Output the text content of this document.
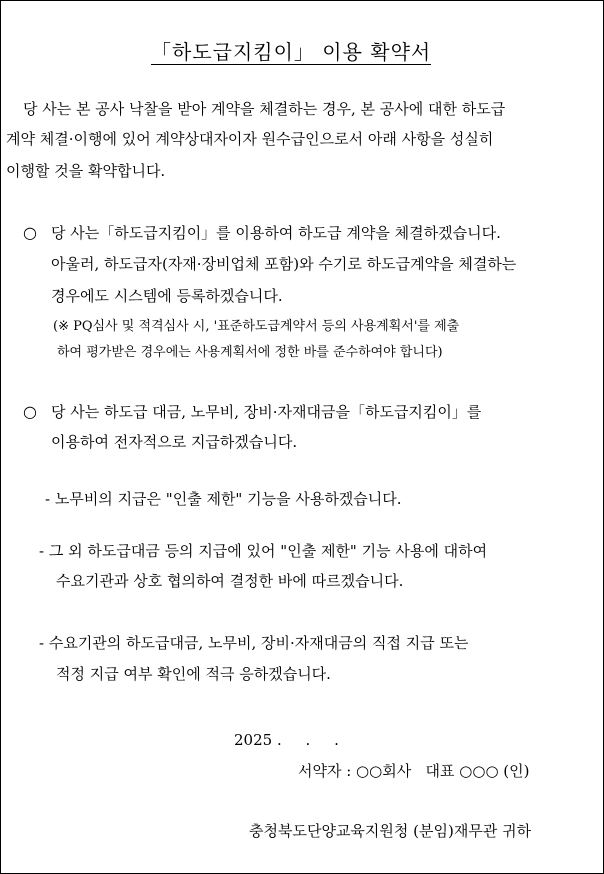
「하도급지킴이」 이용 확약서
당 사는 본 공사 낙찰을 받아 계약을 체결하는 경우, 본 공사에 대한 하도급
계약 체결·이행에 있어 계약상대자이자 원수급인으로서 아래 사항을 성실히
이행할 것을 확약합니다.
○ 당 사는「하도급지킴이」를 이용하여 하도급 계약을 체결하겠습니다.
아울러, 하도급자(자재·장비업체 포함)와 수기로 하도급계약을 체결하는
경우에도 시스템에 등록하겠습니다.
(※ PQ심사 및 적격심사 시, '표준하도급계약서 등의 사용계획서'를 제출
하여 평가받은 경우에는 사용계획서에 정한 바를 준수하여야 합니다)
○ 당 사는 하도급 대금, 노무비, 장비·자재대금을「하도급지킴이」를
이용하여 전자적으로 지급하겠습니다.
- 노무비의 지급은 "인출 제한" 기능을 사용하겠습니다.
- 그 외 하도급대금 등의 지급에 있어 "인출 제한" 기능 사용에 대하여
수요기관과 상호 협의하여 결정한 바에 따르겠습니다.
- 수요기관의 하도급대금, 노무비, 장비·자재대금의 직접 지급 또는
적정 지급 여부 확인에 적극 응하겠습니다.
2025 .     .     .
서약자 : ○○회사   대표 ○○○ (인)
충청북도단양교육지원청 (분임)재무관 귀하
